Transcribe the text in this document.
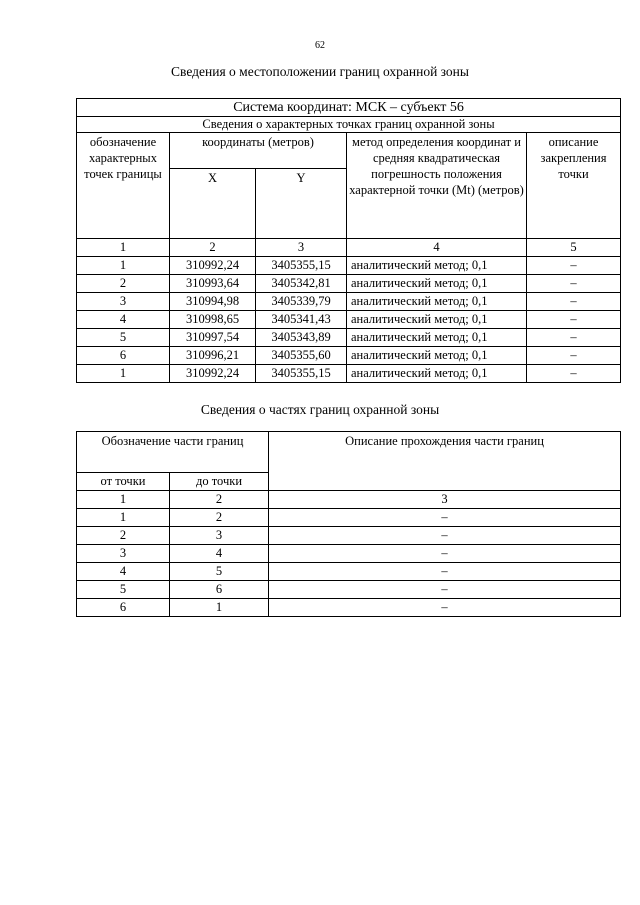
62
Сведения о местоположении границ охранной зоны
Система координат: МСК – субъект 56				
Сведения о характерных точках границ охранной зоны				
обозначение характерных точек границы	координаты (метров)		метод определения координат и средняя квадратическая погрешность положения характерной точки (Mt) (метров)	описание закрепления точки
	X	Y		
1	2	3	4	5
1	310992,24	3405355,15	аналитический метод; 0,1	–
2	310993,64	3405342,81	аналитический метод; 0,1	–
3	310994,98	3405339,79	аналитический метод; 0,1	–
4	310998,65	3405341,43	аналитический метод; 0,1	–
5	310997,54	3405343,89	аналитический метод; 0,1	–
6	310996,21	3405355,60	аналитический метод; 0,1	–
1	310992,24	3405355,15	аналитический метод; 0,1	–
Сведения о частях границ охранной зоны
Обозначение части границ		Описание прохождения части границ
от точки	до точки	
1	2	3
1	2	–
2	3	–
3	4	–
4	5	–
5	6	–
6	1	–
